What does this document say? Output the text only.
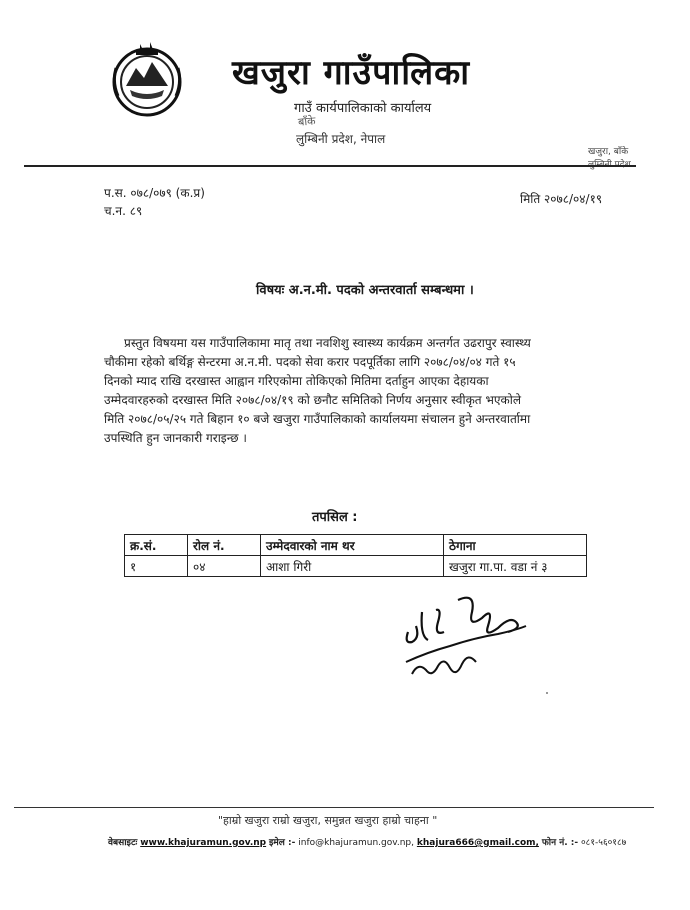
खजुरा गाउँपालिका
गाउँ कार्यपालिकाको कार्यालय
बाँके
लुम्बिनी प्रदेश, नेपाल
खजुरा, बाँके
लुम्बिनी प्रदेश
प.स. ०७८/०७९ (क.प्र)
च.न. ८९
मिति २०७८/०४/१९
विषयः अ.न.मी. पदको अन्तरवार्ता सम्बन्धमा ।
प्रस्तुत विषयमा यस गाउँपालिकामा मातृ तथा नवशिशु स्वास्थ्य कार्यक्रम अन्तर्गत उढरापुर स्वास्थ्य
चौकीमा रहेको बर्थिङ्ग सेन्टरमा अ.न.मी. पदको सेवा करार पदपूर्तिका लागि २०७८/०४/०४ गते १५
दिनको म्याद राखि दरखास्त आह्वान गरिएकोमा तोकिएको मितिमा दर्ताहुन आएका देहायका
उम्मेदवारहरुको दरखास्त मिति २०७८/०४/१९ को छनौट समितिको निर्णय अनुसार स्वीकृत भएकोले
मिति २०७८/०५/२५ गते बिहान १० बजे खजुरा गाउँपालिकाको कार्यालयमा संचालन हुने अन्तरवार्तामा
उपस्थिति हुन जानकारी गराइन्छ ।
तपसिल :
क्र.सं.	रोल नं.	उम्मेदवारको नाम थर	ठेगाना
१	०४	आशा गिरी	खजुरा गा.पा. वडा नं ३
"हाम्रो खजुरा राम्रो खजुरा, समुन्नत खजुरा हाम्रो चाहना "
वेबसाइटः www.khajuramun.gov.np इमेल :- info@khajuramun.gov.np, khajura666@gmail.com, फोन नं. :- ०८१-५६०१८७
